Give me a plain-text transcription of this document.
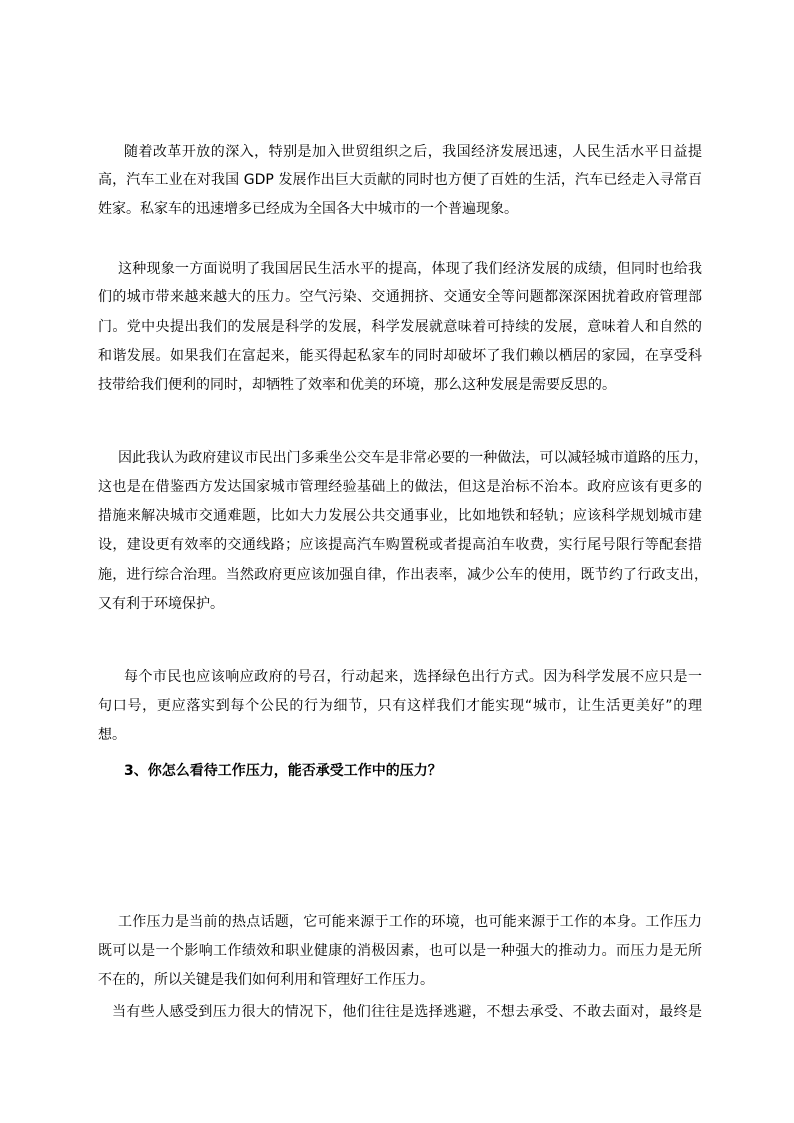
随着改革开放的深入，特别是加入世贸组织之后，我国经济发展迅速，人民生活水平日益提
高，汽车工业在对我国 GDP 发展作出巨大贡献的同时也方便了百姓的生活，汽车已经走入寻常百
姓家。私家车的迅速增多已经成为全国各大中城市的一个普遍现象。
这种现象一方面说明了我国居民生活水平的提高，体现了我们经济发展的成绩，但同时也给我
们的城市带来越来越大的压力。空气污染、交通拥挤、交通安全等问题都深深困扰着政府管理部
门。党中央提出我们的发展是科学的发展，科学发展就意味着可持续的发展，意味着人和自然的
和谐发展。如果我们在富起来，能买得起私家车的同时却破坏了我们赖以栖居的家园，在享受科
技带给我们便利的同时，却牺牲了效率和优美的环境，那么这种发展是需要反思的。
因此我认为政府建议市民出门多乘坐公交车是非常必要的一种做法，可以减轻城市道路的压力，
这也是在借鉴西方发达国家城市管理经验基础上的做法，但这是治标不治本。政府应该有更多的
措施来解决城市交通难题，比如大力发展公共交通事业，比如地铁和轻轨；应该科学规划城市建
设，建设更有效率的交通线路；应该提高汽车购置税或者提高泊车收费，实行尾号限行等配套措
施，进行综合治理。当然政府更应该加强自律，作出表率，减少公车的使用，既节约了行政支出，
又有利于环境保护。
每个市民也应该响应政府的号召，行动起来，选择绿色出行方式。因为科学发展不应只是一
句口号，更应落实到每个公民的行为细节，只有这样我们才能实现“城市，让生活更美好”的理
想。
3、你怎么看待工作压力，能否承受工作中的压力？
工作压力是当前的热点话题，它可能来源于工作的环境，也可能来源于工作的本身。工作压力
既可以是一个影响工作绩效和职业健康的消极因素，也可以是一种强大的推动力。而压力是无所
不在的，所以关键是我们如何利用和管理好工作压力。
当有些人感受到压力很大的情况下，他们往往是选择逃避，不想去承受、不敢去面对，最终是
